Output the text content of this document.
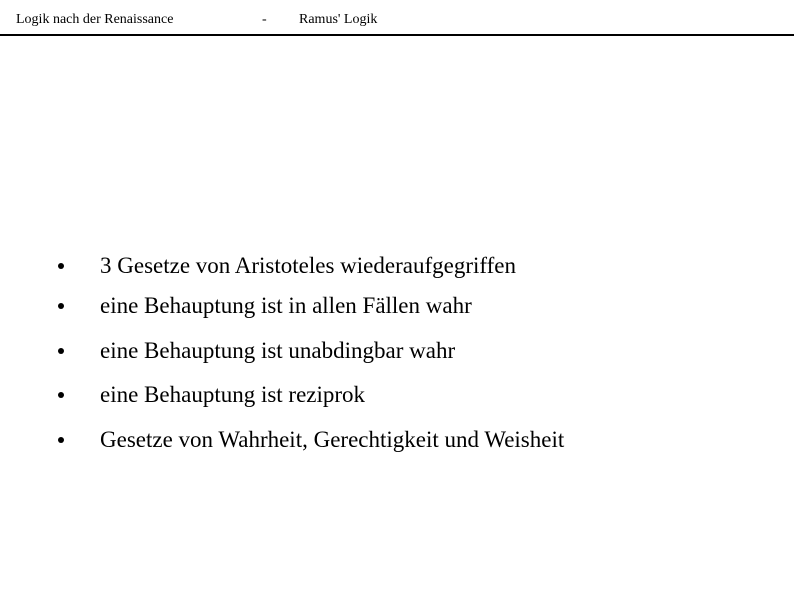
Logik nach der Renaissance	- Ramus' Logik
3 Gesetze von Aristoteles wiederaufgegriffen
eine Behauptung ist in allen Fällen wahr
eine Behauptung ist unabdingbar wahr
eine Behauptung ist reziprok
Gesetze von Wahrheit, Gerechtigkeit und Weisheit
